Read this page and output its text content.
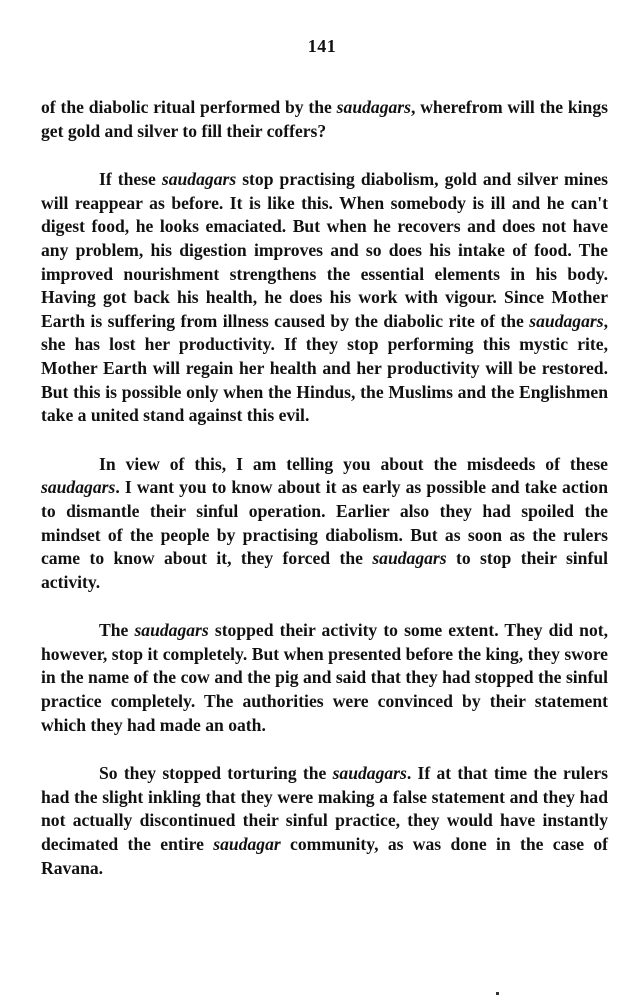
141

of the diabolic ritual performed by the saudagars, wherefrom will the kings get gold and silver to fill their coffers?

If these saudagars stop practising diabolism, gold and silver mines will reappear as before. It is like this. When somebody is ill and he can't digest food, he looks emaciated. But when he recovers and does not have any problem, his digestion improves and so does his intake of food. The improved nourishment strengthens the essential elements in his body. Having got back his health, he does his work with vigour. Since Mother Earth is suffering from illness caused by the diabolic rite of the saudagars, she has lost her productivity. If they stop performing this mystic rite, Mother Earth will regain her health and her productivity will be restored. But this is possible only when the Hindus, the Muslims and the Englishmen take a united stand against this evil.

In view of this, I am telling you about the misdeeds of these saudagars. I want you to know about it as early as possible and take action to dismantle their sinful operation. Earlier also they had spoiled the mindset of the people by practising diabolism. But as soon as the rulers came to know about it, they forced the saudagars to stop their sinful activity.

The saudagars stopped their activity to some extent. They did not, however, stop it completely. But when presented before the king, they swore in the name of the cow and the pig and said that they had stopped the sinful practice completely. The authorities were convinced by their statement which they had made an oath.

So they stopped torturing the saudagars. If at that time the rulers had the slight inkling that they were making a false statement and they had not actually discontinued their sinful practice, they would have instantly decimated the entire saudagar community, as was done in the case of Ravana.
